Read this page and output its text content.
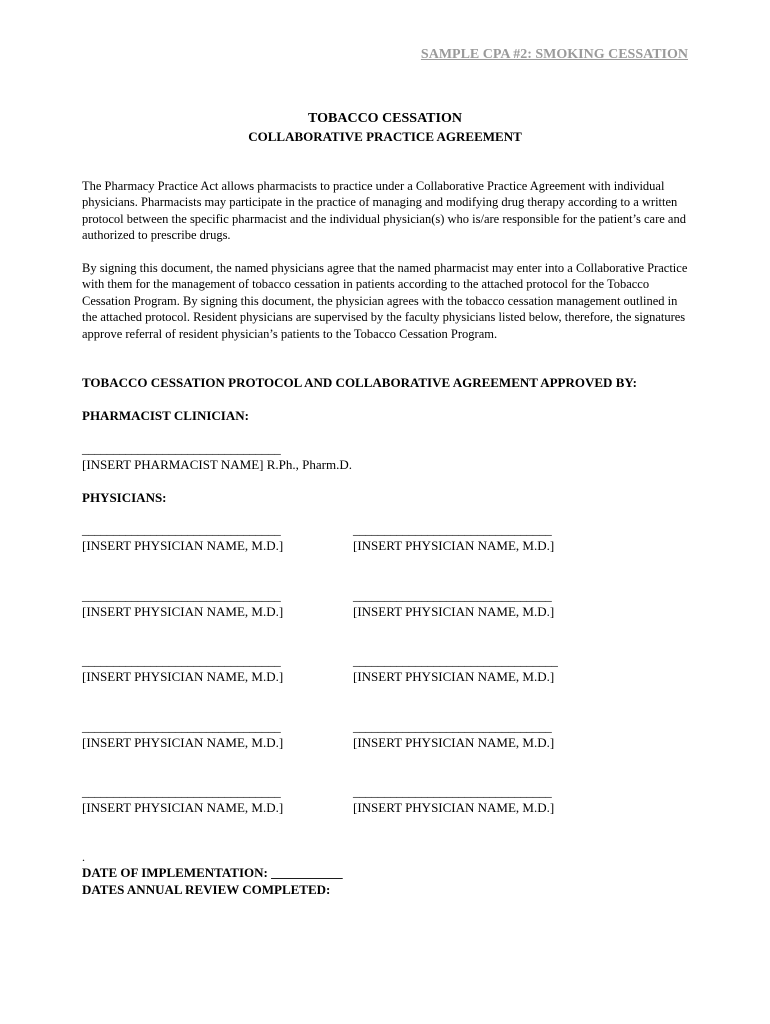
SAMPLE CPA #2: SMOKING CESSATION
TOBACCO CESSATION
COLLABORATIVE PRACTICE AGREEMENT

The Pharmacy Practice Act allows pharmacists to practice under a Collaborative Practice Agreement with individual physicians. Pharmacists may participate in the practice of managing and modifying drug therapy according to a written protocol between the specific pharmacist and the individual physician(s) who is/are responsible for the patient’s care and authorized to prescribe drugs.

By signing this document, the named physicians agree that the named pharmacist may enter into a Collaborative Practice with them for the management of tobacco cessation in patients according to the attached protocol for the Tobacco Cessation Program. By signing this document, the physician agrees with the tobacco cessation management outlined in the attached protocol. Resident physicians are supervised by the faculty physicians listed below, therefore, the signatures approve referral of resident physician’s patients to the Tobacco Cessation Program.

TOBACCO CESSATION PROTOCOL AND COLLABORATIVE AGREEMENT APPROVED BY:
PHARMACIST CLINICIAN:
________________________________
[INSERT PHARMACIST NAME] R.Ph., Pharm.D.
PHYSICIANS:
________________________________
[INSERT PHYSICIAN NAME, M.D.]
________________________________
[INSERT PHYSICIAN NAME, M.D.]
________________________________
[INSERT PHYSICIAN NAME, M.D.]
________________________________
[INSERT PHYSICIAN NAME, M.D.]
________________________________
[INSERT PHYSICIAN NAME, M.D.]
_________________________________
[INSERT PHYSICIAN NAME, M.D.]
________________________________
[INSERT PHYSICIAN NAME, M.D.]
________________________________
[INSERT PHYSICIAN NAME, M.D.]
________________________________
[INSERT PHYSICIAN NAME, M.D.]
________________________________
[INSERT PHYSICIAN NAME, M.D.]
.
DATE OF IMPLEMENTATION: ___________
DATES ANNUAL REVIEW COMPLETED:
